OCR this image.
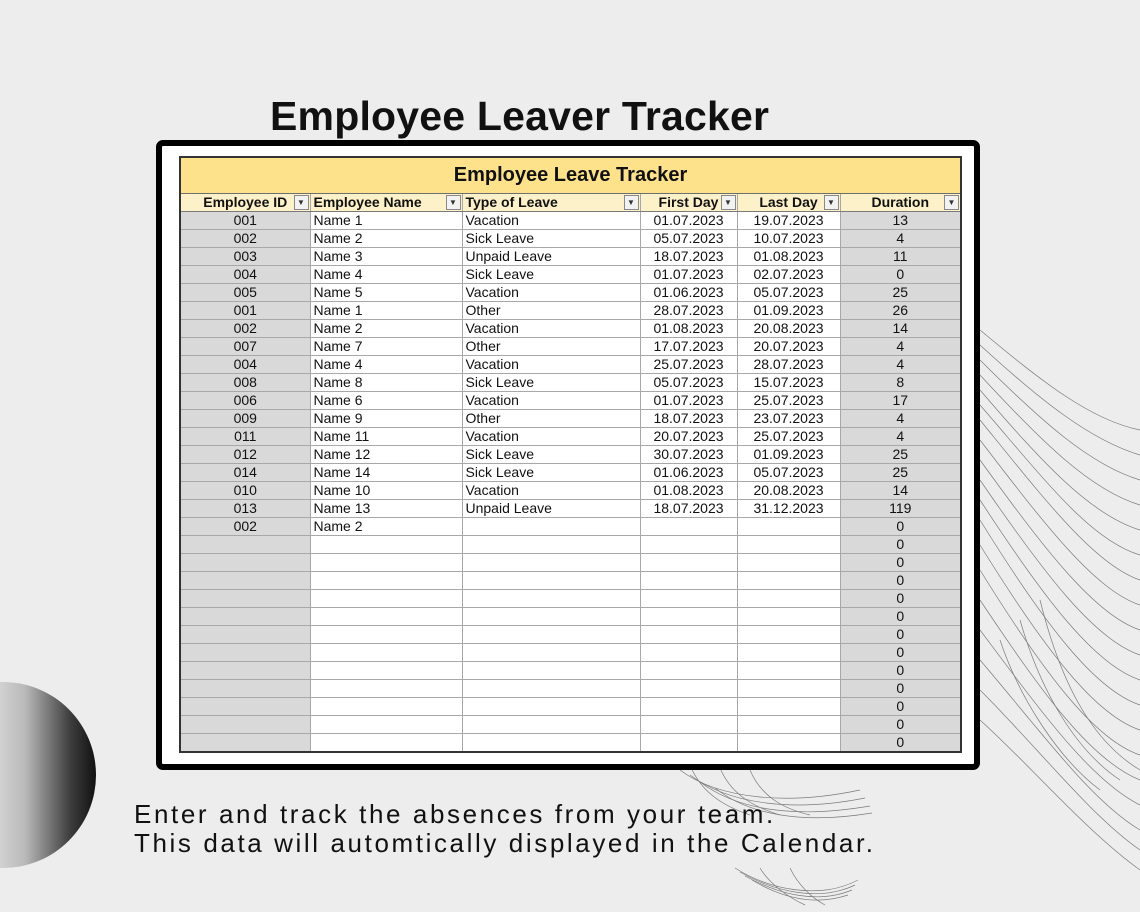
Employee Leaver Tracker
Employee Leave Tracker					
Employee ID ▼	Employee Name ▼	Type of Leave ▼	First Day ▼	Last Day ▼	Duration ▼

001	Name 1	Vacation	01.07.2023	19.07.2023	13
002	Name 2	Sick Leave	05.07.2023	10.07.2023	4
003	Name 3	Unpaid Leave	18.07.2023	01.08.2023	11
004	Name 4	Sick Leave	01.07.2023	02.07.2023	0
005	Name 5	Vacation	01.06.2023	05.07.2023	25
001	Name 1	Other	28.07.2023	01.09.2023	26
002	Name 2	Vacation	01.08.2023	20.08.2023	14
007	Name 7	Other	17.07.2023	20.07.2023	4
004	Name 4	Vacation	25.07.2023	28.07.2023	4
008	Name 8	Sick Leave	05.07.2023	15.07.2023	8
006	Name 6	Vacation	01.07.2023	25.07.2023	17
009	Name 9	Other	18.07.2023	23.07.2023	4
011	Name 11	Vacation	20.07.2023	25.07.2023	4
012	Name 12	Sick Leave	30.07.2023	01.09.2023	25
014	Name 14	Sick Leave	01.06.2023	05.07.2023	25
010	Name 10	Vacation	01.08.2023	20.08.2023	14
013	Name 13	Unpaid Leave	18.07.2023	31.12.2023	119
002	Name 2				0
					0
					0
					0
					0
					0
					0
					0
					0
					0
					0
					0
					0

Enter and track the absences from your team.
This data will automtically displayed in the Calendar.
